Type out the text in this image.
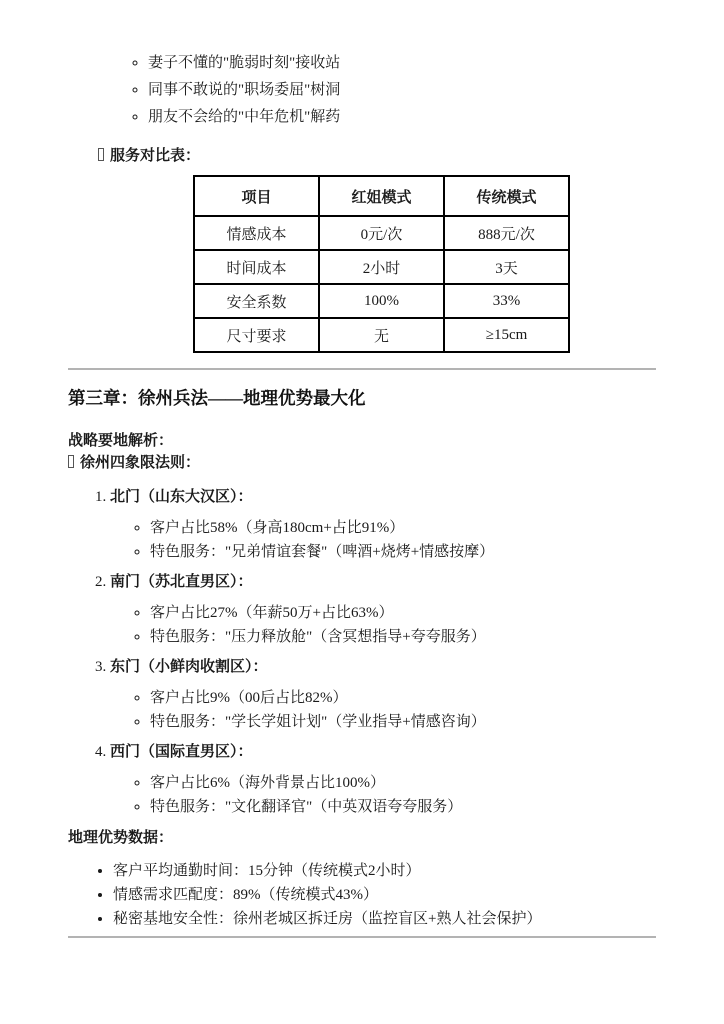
◦ 妻子不懂的"脆弱时刻"接收站
◦ 同事不敢说的"职场委屈"树洞
◦ 朋友不会给的"中年危机"解药

服务对比表：

项目	红姐模式	传统模式
情感成本	0元/次	888元/次
时间成本	2小时	3天
安全系数	100%	33%
尺寸要求	无	≥15cm
第三章：徐州兵法——地理优势最大化

战略要地解析：

徐州四象限法则：

1. 北门（山东大汉区）：
◦ 客户占比58%（身高180cm+占比91%）
◦ 特色服务："兄弟情谊套餐"（啤酒+烧烤+情感按摩）
2. 南门（苏北直男区）：
◦ 客户占比27%（年薪50万+占比63%）
◦ 特色服务："压力释放舱"（含冥想指导+夸夸服务）
3. 东门（小鲜肉收割区）：
◦ 客户占比9%（00后占比82%）
◦ 特色服务："学长学姐计划"（学业指导+情感咨询）
4. 西门（国际直男区）：
◦ 客户占比6%（海外背景占比100%）
◦ 特色服务："文化翻译官"（中英双语夸夸服务）

地理优势数据：

• 客户平均通勤时间：15分钟（传统模式2小时）
• 情感需求匹配度：89%（传统模式43%）
• 秘密基地安全性：徐州老城区拆迁房（监控盲区+熟人社会保护）
